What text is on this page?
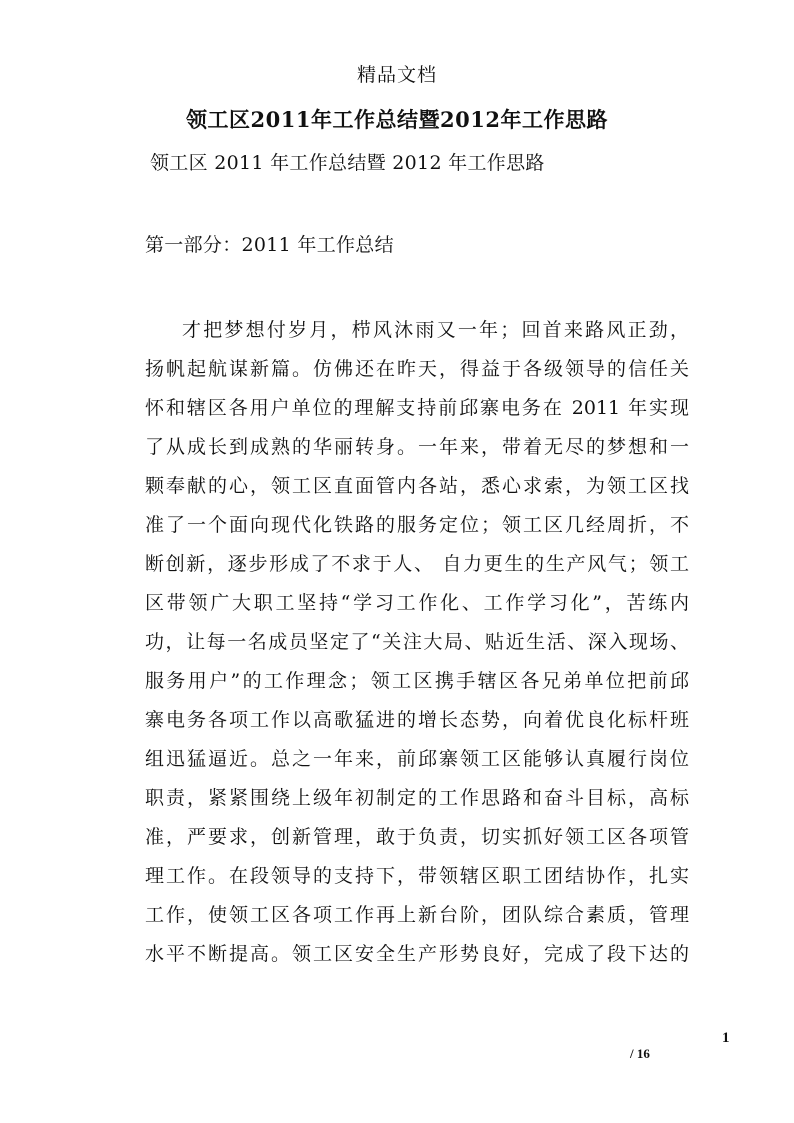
精品文档
领工区2011年工作总结暨2012年工作思路
领工区 2011 年工作总结暨 2012 年工作思路
第一部分：2011 年工作总结
才把梦想付岁月，栉风沐雨又一年；回首来路风正劲，
扬帆起航谋新篇。仿佛还在昨天，得益于各级领导的信任关
怀和辖区各用户单位的理解支持前邱寨电务在 2011 年实现
了从成长到成熟的华丽转身。一年来，带着无尽的梦想和一
颗奉献的心，领工区直面管内各站，悉心求索，为领工区找
准了一个面向现代化铁路的服务定位；领工区几经周折，不
断创新，逐步形成了不求于人、 自力更生的生产风气；领工
区带领广大职工坚持“学习工作化、工作学习化”，苦练内
功，让每一名成员坚定了“关注大局、贴近生活、深入现场、
服务用户”的工作理念；领工区携手辖区各兄弟单位把前邱
寨电务各项工作以高歌猛进的增长态势，向着优良化标杆班
组迅猛逼近。总之一年来，前邱寨领工区能够认真履行岗位
职责，紧紧围绕上级年初制定的工作思路和奋斗目标，高标
准，严要求，创新管理，敢于负责，切实抓好领工区各项管
理工作。在段领导的支持下，带领辖区职工团结协作，扎实
工作，使领工区各项工作再上新台阶，团队综合素质，管理
水平不断提高。领工区安全生产形势良好，完成了段下达的
1
/ 16
